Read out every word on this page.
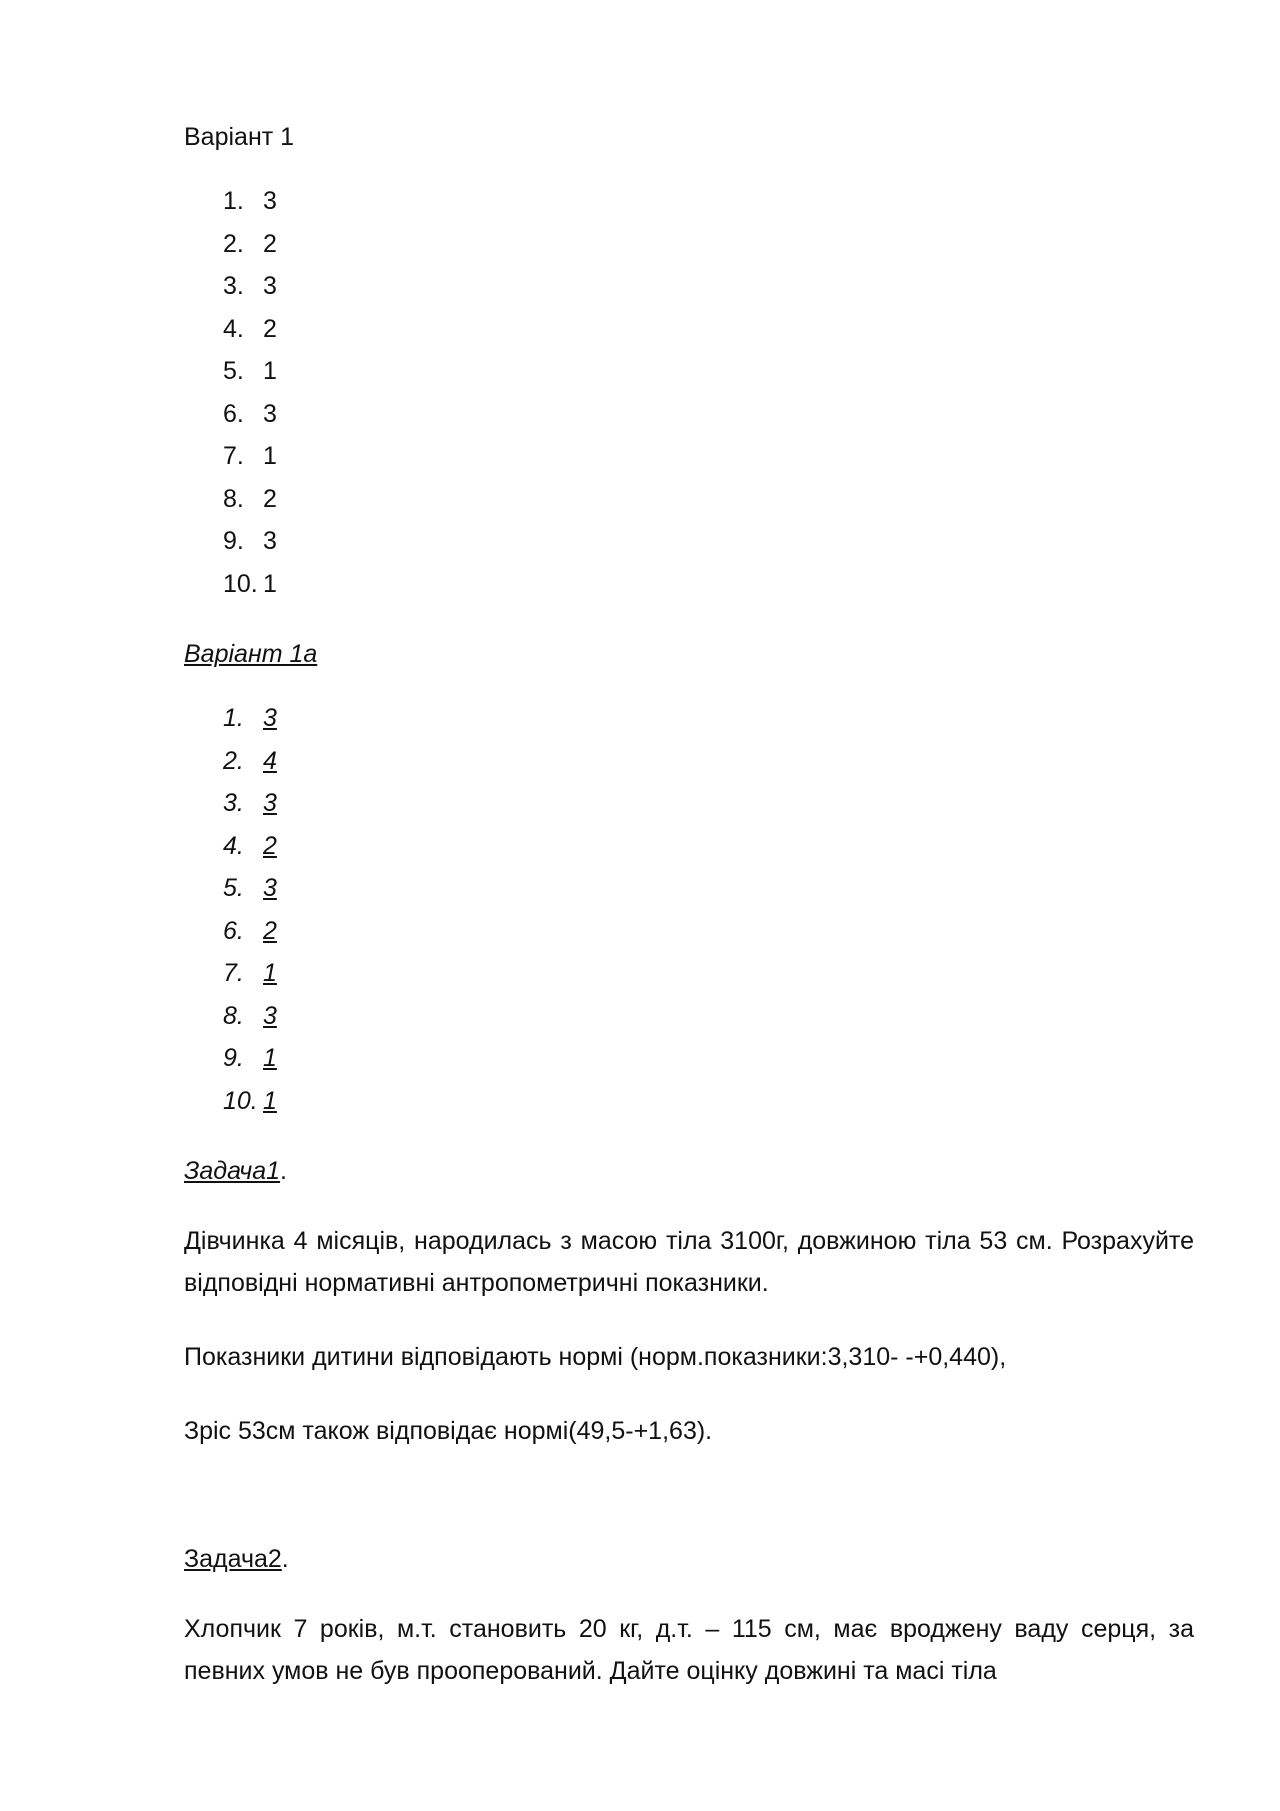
Варіант 1

1. 3
2. 2
3. 3
4. 2
5. 1
6. 3
7. 1
8. 2
9. 3
10. 1

Варіант 1а

1. 3
2. 4
3. 3
4. 2
5. 3
6. 2
7. 1
8. 3
9. 1
10. 1

Задача1.

Дівчинка 4 місяців, народилась з масою тіла 3100г, довжиною тіла 53 см. Розрахуйте відповідні нормативні антропометричні показники.

Показники дитини відповідають нормі (норм.показники:3,310- -+0,440),

Зріс 53см також відповідає нормі(49,5-+1,63).

Задача2.

Хлопчик 7 років, м.т. становить 20 кг, д.т. – 115 см, має вроджену ваду серця, за певних умов не був прооперований. Дайте оцінку довжині та масі тіла
